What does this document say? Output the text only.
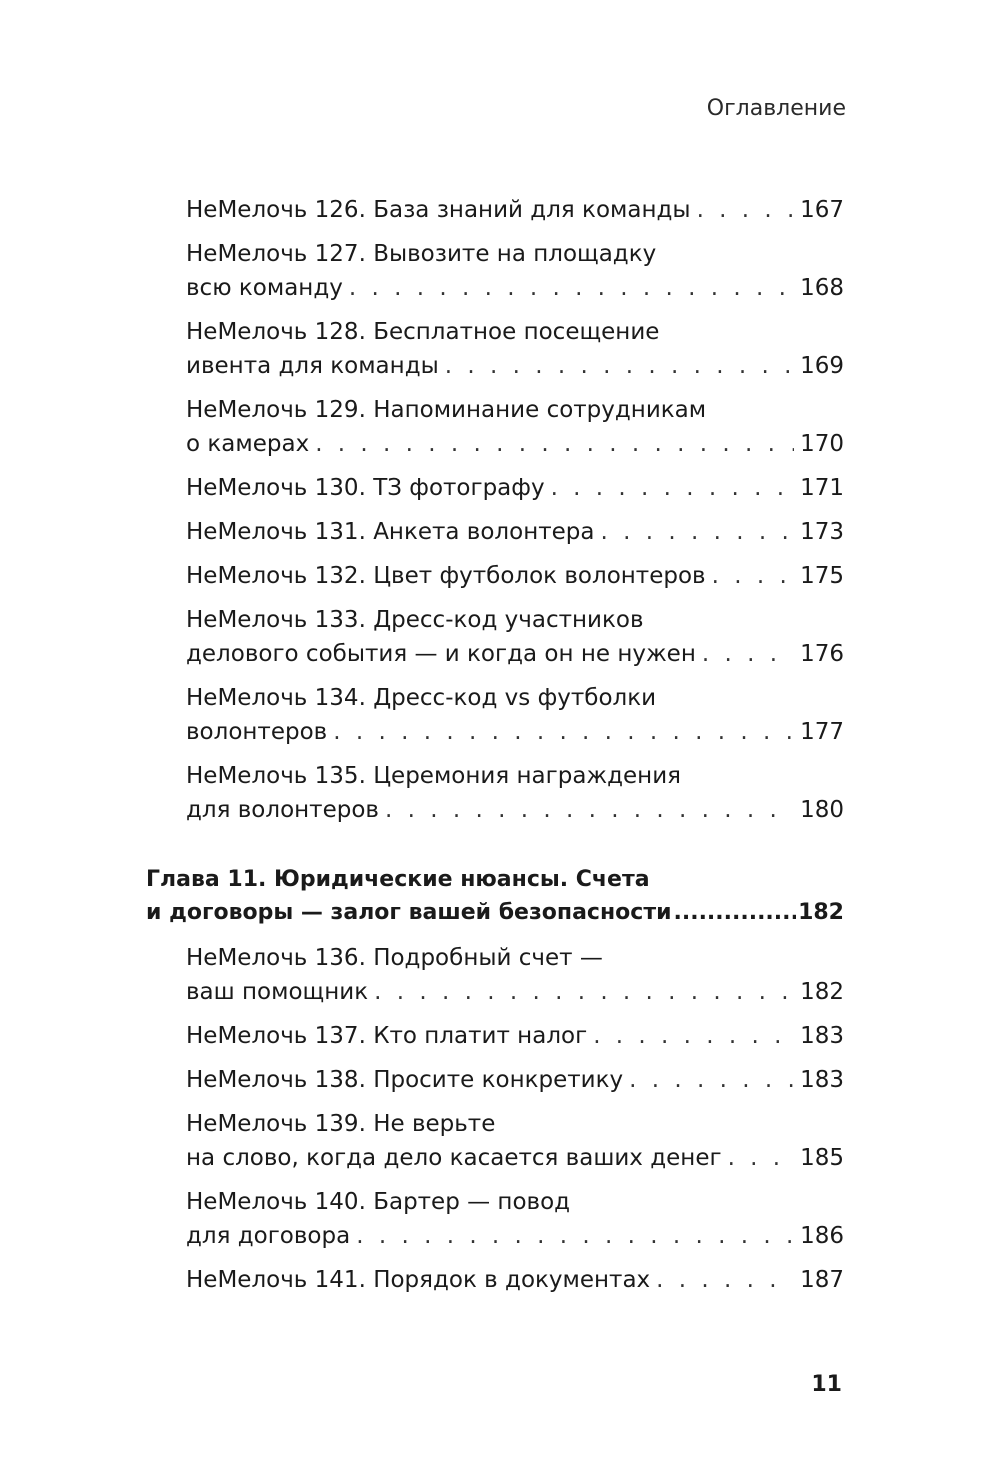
Оглавление
НеМелочь 126. База знаний для команды . . .	167
НеМелочь 127. Вывозите на площадку
всю команду . . .	168
НеМелочь 128. Бесплатное посещение
ивента для команды . . .	169
НеМелочь 129. Напоминание сотрудникам
о камерах . . .	170
НеМелочь 130. ТЗ фотографу . . .	171
НеМелочь 131. Анкета волонтера . . .	173
НеМелочь 132. Цвет футболок волонтеров . . .	175
НеМелочь 133. Дресс-код участников
делового события — и когда он не нужен . . .	176
НеМелочь 134. Дресс-код vs футболки
волонтеров . . .	177
НеМелочь 135. Церемония награждения
для волонтеров . . .	180
Глава 11. Юридические нюансы. Счета
и договоры — залог вашей безопасности .....	182
НеМелочь 136. Подробный счет —
ваш помощник . . .	182
НеМелочь 137. Кто платит налог . . .	183
НеМелочь 138. Просите конкретику . . .	183
НеМелочь 139. Не верьте
на слово, когда дело касается ваших денег . . .	185
НеМелочь 140. Бартер — повод
для договора . . .	186
НеМелочь 141. Порядок в документах . . .	187
11
